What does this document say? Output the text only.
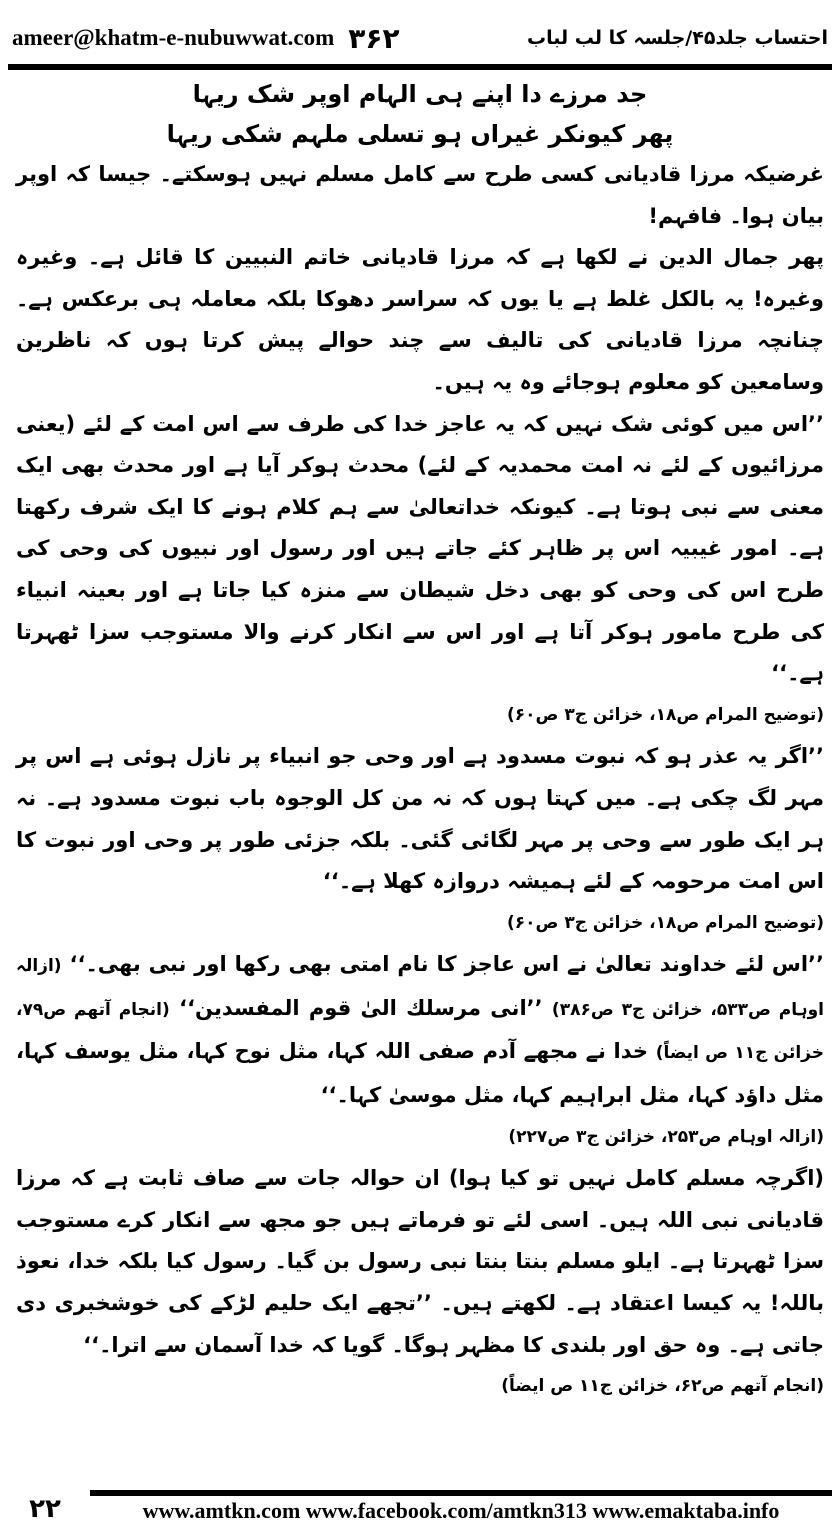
ameer@khatm-e-nubuwwat.com ۳۶۲	احتساب جلد۴۵/جلسہ کا لب لباب

جد مرزے دا اپنے ہی الہام اوپر شک ریہا

پھر کیونکر غیراں ہو تسلی ملہم شکی ریہا

غرضیکہ مرزا قادیانی کسی طرح سے کامل مسلم نہیں ہوسکتے۔ جیسا کہ اوپر بیان ہوا۔ فافہم!

پھر جمال الدین نے لکھا ہے کہ مرزا قادیانی خاتم النبیین کا قائل ہے۔ وغیرہ وغیرہ! یہ بالکل غلط ہے یا یوں کہ سراسر دھوکا بلکہ معاملہ ہی برعکس ہے۔ چنانچہ مرزا قادیانی کی تالیف سے چند حوالے پیش کرتا ہوں کہ ناظرین وسامعین کو معلوم ہوجائے وہ یہ ہیں۔

’’اس میں کوئی شک نہیں کہ یہ عاجز خدا کی طرف سے اس امت کے لئے (یعنی مرزائیوں کے لئے نہ امت محمدیہ کے لئے) محدث ہوکر آیا ہے اور محدث بھی ایک معنی سے نبی ہوتا ہے۔ کیونکہ خداتعالیٰ سے ہم کلام ہونے کا ایک شرف رکھتا ہے۔ امور غیبیہ اس پر ظاہر کئے جاتے ہیں اور رسول اور نبیوں کی وحی کی طرح اس کی وحی کو بھی دخل شیطان سے منزہ کیا جاتا ہے اور بعینہ انبیاء کی طرح مامور ہوکر آتا ہے اور اس سے انکار کرنے والا مستوجب سزا ٹھہرتا ہے۔‘‘

(توضیح المرام ص۱۸، خزائن ج۳ ص۶۰)

’’اگر یہ عذر ہو کہ نبوت مسدود ہے اور وحی جو انبیاء پر نازل ہوئی ہے اس پر مہر لگ چکی ہے۔ میں کہتا ہوں کہ نہ من کل الوجوہ باب نبوت مسدود ہے۔ نہ ہر ایک طور سے وحی پر مہر لگائی گئی۔ بلکہ جزئی طور پر وحی اور نبوت کا اس امت مرحومہ کے لئے ہمیشہ دروازہ کھلا ہے۔‘‘

(توضیح المرام ص۱۸، خزائن ج۳ ص۶۰)

’’اس لئے خداوند تعالیٰ نے اس عاجز کا نام امتی بھی رکھا اور نبی بھی۔‘‘ (ازالہ اوہام ص۵۳۳، خزائن ج۳ ص۳۸۶) ’’انی مرسلك الیٰ قوم المفسدین‘‘ (انجام آتھم ص۷۹، خزائن ج۱۱ ص ایضاً) خدا نے مجھے آدم صفی اللہ کہا، مثل نوح کہا، مثل یوسف کہا، مثل داؤد کہا، مثل ابراہیم کہا، مثل موسیٰ کہا۔‘‘

(ازالہ اوہام ص۲۵۳، خزائن ج۳ ص۲۲۷)

(اگرچہ مسلم کامل نہیں تو کیا ہوا) ان حوالہ جات سے صاف ثابت ہے کہ مرزا قادیانی نبی اللہ ہیں۔ اسی لئے تو فرماتے ہیں جو مجھ سے انکار کرے مستوجب سزا ٹھہرتا ہے۔ ایلو مسلم بنتا بنتا نبی رسول بن گیا۔ رسول کیا بلکہ خدا، نعوذ باللہ! یہ کیسا اعتقاد ہے۔ لکھتے ہیں۔ ’’تجھے ایک حلیم لڑکے کی خوشخبری دی جاتی ہے۔ وہ حق اور بلندی کا مظہر ہوگا۔ گویا کہ خدا آسمان سے اترا۔‘‘

(انجام آتھم ص۶۲، خزائن ج۱۱ ص ایضاً)

۲۲	www.amtkn.com www.facebook.com/amtkn313 www.emaktaba.info
